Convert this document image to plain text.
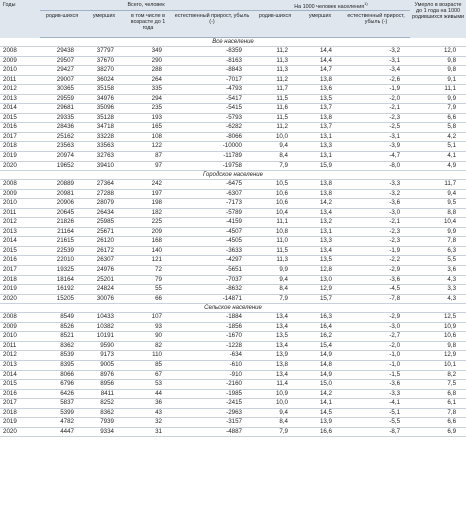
Годы	Всего, человек				На 1000 человек населения$^{1)}$			Умерло в возрасте до 1 года на 1000 родившихся живыми
	родив-шихся	умерших	в том числе в возрасте до 1 года	естественный прирост, убыль (-)	родив-шихся	умерших	естественный прирост, убыль (-)	
Все население								
2008	29438	37797	349	-8359	11,2	14,4	-3,2	12,0
2009	29507	37670	290	-8163	11,3	14,4	-3,1	9,8
2010	29427	38270	288	-8843	11,3	14,7	-3,4	9,8
2011	29007	36024	264	-7017	11,2	13,8	-2,6	9,1
2012	30365	35158	335	-4793	11,7	13,6	-1,9	11,1
2013	29559	34976	294	-5417	11,5	13,5	-2,0	9,9
2014	29681	35096	235	-5415	11,6	13,7	-2,1	7,9
2015	29335	35128	193	-5793	11,5	13,8	-2,3	6,6
2016	28436	34718	165	-6282	11,2	13,7	-2,5	5,8
2017	25162	33228	108	-8066	10,0	13,1	-3,1	4,2
2018	23563	33563	122	-10000	9,4	13,3	-3,9	5,1
2019	20974	32763	87	-11789	8,4	13,1	-4,7	4,1
2020	19652	39410	97	-19758	7,9	15,9	-8,0	4,9
Городское население								
2008	20889	27364	242	-6475	10,5	13,8	-3,3	11,7
2009	20981	27288	197	-6307	10,6	13,8	-3,2	9,4
2010	20906	28079	198	-7173	10,6	14,2	-3,6	9,5
2011	20645	26434	182	-5789	10,4	13,4	-3,0	8,8
2012	21826	25985	225	-4159	11,1	13,2	-2,1	10,4
2013	21164	25671	209	-4507	10,8	13,1	-2,3	9,9
2014	21615	26120	168	-4505	11,0	13,3	-2,3	7,8
2015	22539	26172	140	-3633	11,5	13,4	-1,9	6,3
2016	22010	26307	121	-4297	11,3	13,5	-2,2	5,5
2017	19325	24976	72	-5651	9,9	12,8	-2,9	3,6
2018	18164	25201	79	-7037	9,4	13,0	-3,6	4,3
2019	16192	24824	55	-8632	8,4	12,9	-4,5	3,3
2020	15205	30076	66	-14871	7,9	15,7	-7,8	4,3
Сельское население								
2008	8549	10433	107	-1884	13,4	16,3	-2,9	12,5
2009	8526	10382	93	-1856	13,4	16,4	-3,0	10,9
2010	8521	10191	90	-1670	13,5	16,2	-2,7	10,6
2011	8362	9590	82	-1228	13,4	15,4	-2,0	9,8
2012	8539	9173	110	-634	13,9	14,9	-1,0	12,9
2013	8395	9005	85	-610	13,8	14,8	-1,0	10,1
2014	8066	8976	67	-910	13,4	14,9	-1,5	8,2
2015	6796	8956	53	-2160	11,4	15,0	-3,6	7,5
2016	6426	8411	44	-1985	10,9	14,2	-3,3	6,8
2017	5837	8252	36	-2415	10,0	14,1	-4,1	6,1
2018	5399	8362	43	-2963	9,4	14,5	-5,1	7,8
2019	4782	7939	32	-3157	8,4	13,9	-5,5	6,6
2020	4447	9334	31	-4887	7,9	16,6	-8,7	6,9
